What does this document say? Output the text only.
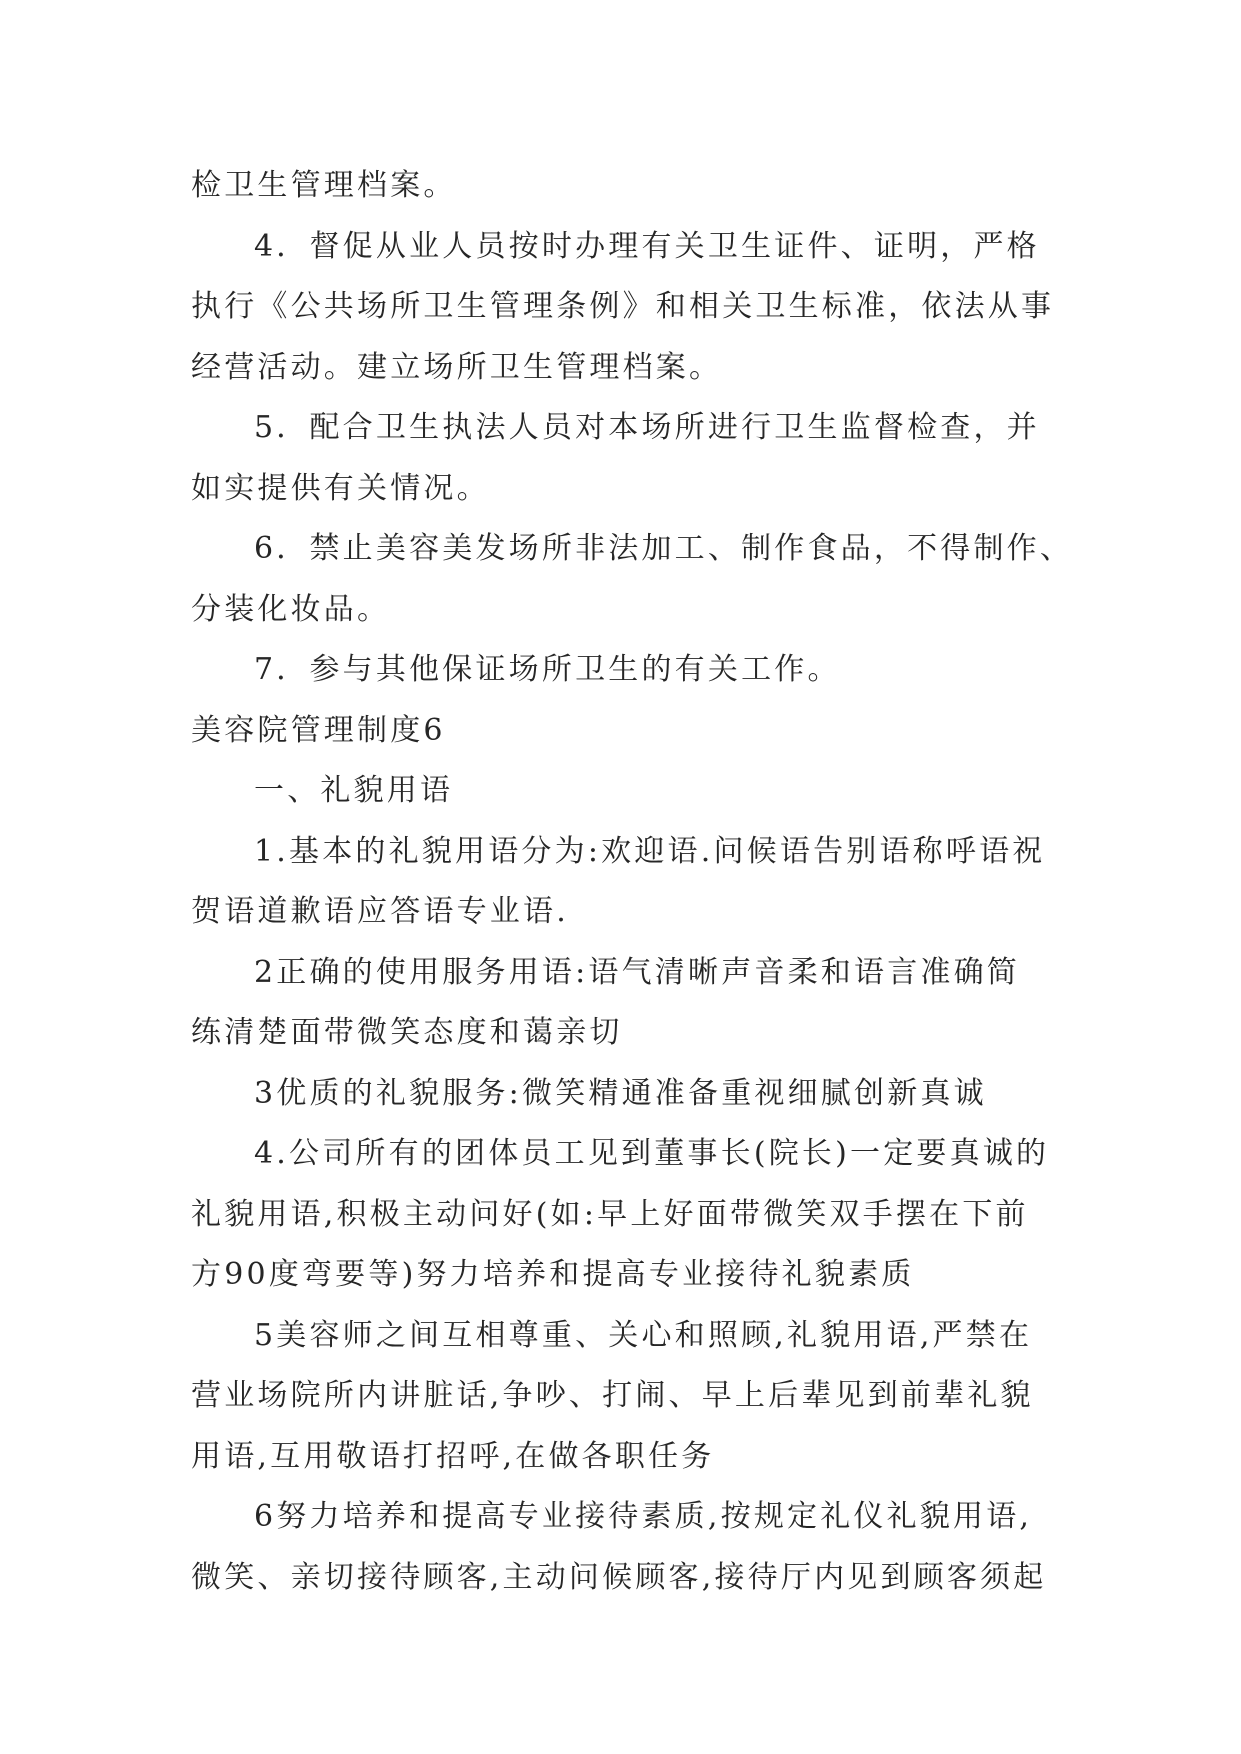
检卫生管理档案。
4．督促从业人员按时办理有关卫生证件、证明，严格
执行《公共场所卫生管理条例》和相关卫生标准，依法从事
经营活动。建立场所卫生管理档案。
5．配合卫生执法人员对本场所进行卫生监督检查，并
如实提供有关情况。
6．禁止美容美发场所非法加工、制作食品，不得制作、
分装化妆品。
7．参与其他保证场所卫生的有关工作。
美容院管理制度6
一、礼貌用语
1.基本的礼貌用语分为:欢迎语.问候语告别语称呼语祝
贺语道歉语应答语专业语.
2正确的使用服务用语:语气清晰声音柔和语言准确简
练清楚面带微笑态度和蔼亲切
3优质的礼貌服务:微笑精通准备重视细腻创新真诚
4.公司所有的团体员工见到董事长(院长)一定要真诚的
礼貌用语,积极主动问好(如:早上好面带微笑双手摆在下前
方90度弯要等)努力培养和提高专业接待礼貌素质
5美容师之间互相尊重、关心和照顾,礼貌用语,严禁在
营业场院所内讲脏话,争吵、打闹、早上后辈见到前辈礼貌
用语,互用敬语打招呼,在做各职任务
6努力培养和提高专业接待素质,按规定礼仪礼貌用语,
微笑、亲切接待顾客,主动问候顾客,接待厅内见到顾客须起
